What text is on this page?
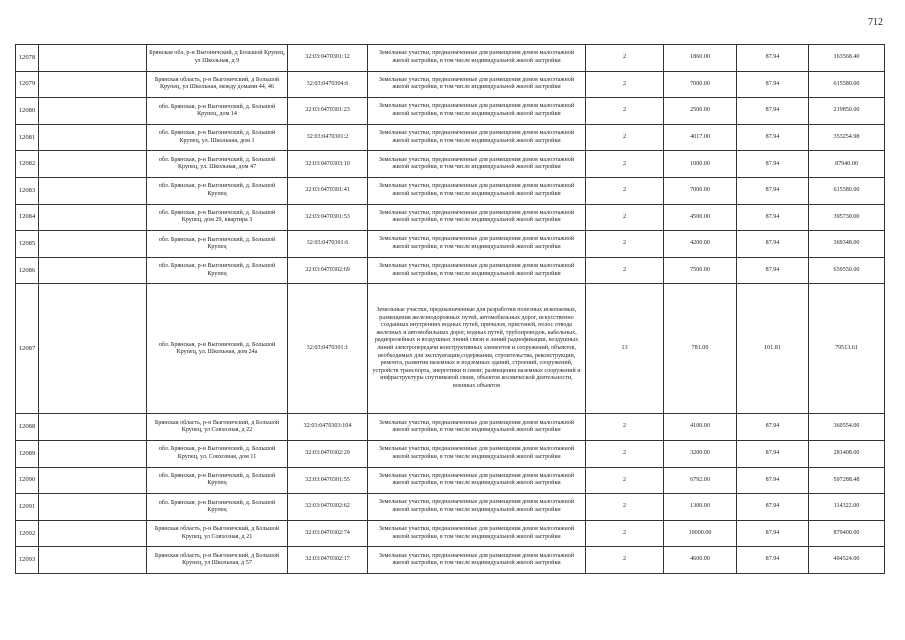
712
12078		Брянская обл, р-н Выгоничский, д Большой Крупец, ул Школьная, д 9	32:03:0470301:12	Земельные участки, предназначенные для размещения домов малоэтажной жилой застройки, в том числе индивидуальной жилой застройки	2	1860.00	87.94	163568.40
12079		Брянская область, р-н Выгоничский, д Большой Крупец, ул Школьная, между домами 44, 46	32:03:0470304:6	Земельные участки, предназначенные для размещения домов малоэтажной жилой застройки, в том числе индивидуальной жилой застройки	2	7000.00	87.94	615580.00
12080		обл. Брянская, р-н Выгоничский, д. Большой Крупец, дом 14	32:03:0470301:23	Земельные участки, предназначенные для размещения домов малоэтажной жилой застройки, в том числе индивидуальной жилой застройки	2	2500.00	87.94	219850.00
12081		обл. Брянская, р-н Выгоничский, д. Большой Крупец, ул. Школьная, дом 1	32:03:0470301:2	Земельные участки, предназначенные для размещения домов малоэтажной жилой застройки, в том числе индивидуальной жилой застройки	2	4017.00	87.94	353254.98
12082		обл. Брянская, р-н Выгоничский, д. Большой Крупец, ул. Школьная, дом 47	32:03:0470303:10	Земельные участки, предназначенные для размещения домов малоэтажной жилой застройки, в том числе индивидуальной жилой застройки	2	1000.00	87.94	87940.00
12083		обл. Брянская, р-н Выгоничский, д. Большой Крупец	32:03:0470301:41	Земельные участки, предназначенные для размещения домов малоэтажной жилой застройки, в том числе индивидуальной жилой застройки	2	7000.00	87.94	615580.00
12084		обл. Брянская, р-н Выгоничский, д. Большой Крупец, дом 29, квартира 3	32:03:0470301:53	Земельные участки, предназначенные для размещения домов малоэтажной жилой застройки, в том числе индивидуальной жилой застройки	2	4500.00	87.94	395730.00
12085		обл. Брянская, р-н Выгоничский, д. Большой Крупец	32:03:0470301:6	Земельные участки, предназначенные для размещения домов малоэтажной жилой застройки, в том числе индивидуальной жилой застройки	2	4200.00	87.94	369348.00
12086		обл. Брянская, р-н Выгоничский, д. Большой Крупец	32:03:0470302:69	Земельные участки, предназначенные для размещения домов малоэтажной жилой застройки, в том числе индивидуальной жилой застройки	2	7500.00	87.94	659550.00
12087		обл. Брянская, р-н Выгоничский, д. Большой Крупец, ул. Школьная, дом 24а	32:03:0470301:1	Земельные участки, предназначенные для разработки полезных ископаемых, размещения железнодорожных путей, автомобильных дорог, искусственно созданных внутренних водных путей, причалов, пристаней, полос отвода железных и автомобильных дорог, водных путей, трубопроводов, кабельных, радиорелейных и воздушных линий связи и линий радиофикации, воздушных линий электропередачи конструктивных элементов и сооружений, объектов, необходимых для эксплуатации,содержания, строительства, реконструкции, ремонта, развития наземных и подземных зданий, строений, сооружений, устройств транспорта, энергетики и связи; размещения наземных сооружений и инфраструктуры спутниковой связи, объектов космической деятельности, военных объектов	13	781.00	101.81	79513.61
12088		Брянская область, р-н Выгоничский, д Большой Крупец, ул Совхозная, д 22	32:03:0470303:104	Земельные участки, предназначенные для размещения домов малоэтажной жилой застройки, в том числе индивидуальной жилой застройки	2	4100.00	87.94	360554.00
12089		обл. Брянская, р-н Выгоничский, д. Большой Крупец, ул. Совхозная, дом 11	32:03:0470302:29	Земельные участки, предназначенные для размещения домов малоэтажной жилой застройки, в том числе индивидуальной жилой застройки	2	3200.00	87.94	281408.00
12090		обл. Брянская, р-н Выгоничский, д. Большой Крупец	32:03:0470301:55	Земельные участки, предназначенные для размещения домов малоэтажной жилой застройки, в том числе индивидуальной жилой застройки	2	6792.00	87.94	597288.48
12091		обл. Брянская, р-н Выгоничский, д. Большой Крупец	32:03:0470302:62	Земельные участки, предназначенные для размещения домов малоэтажной жилой застройки, в том числе индивидуальной жилой застройки	2	1300.00	87.94	114322.00
12092		Брянская область, р-н Выгоничский, д Большой Крупец, ул Совхозная, д 21	32:03:0470302:74	Земельные участки, предназначенные для размещения домов малоэтажной жилой застройки, в том числе индивидуальной жилой застройки	2	10000.00	87.94	879400.00
12093		Брянская область, р-н Выгоничский, д Большой Крупец, ул Школьная, д 57	32:03:0470302:17	Земельные участки, предназначенные для размещения домов малоэтажной жилой застройки, в том числе индивидуальной жилой застройки	2	4600.00	87.94	404524.00
